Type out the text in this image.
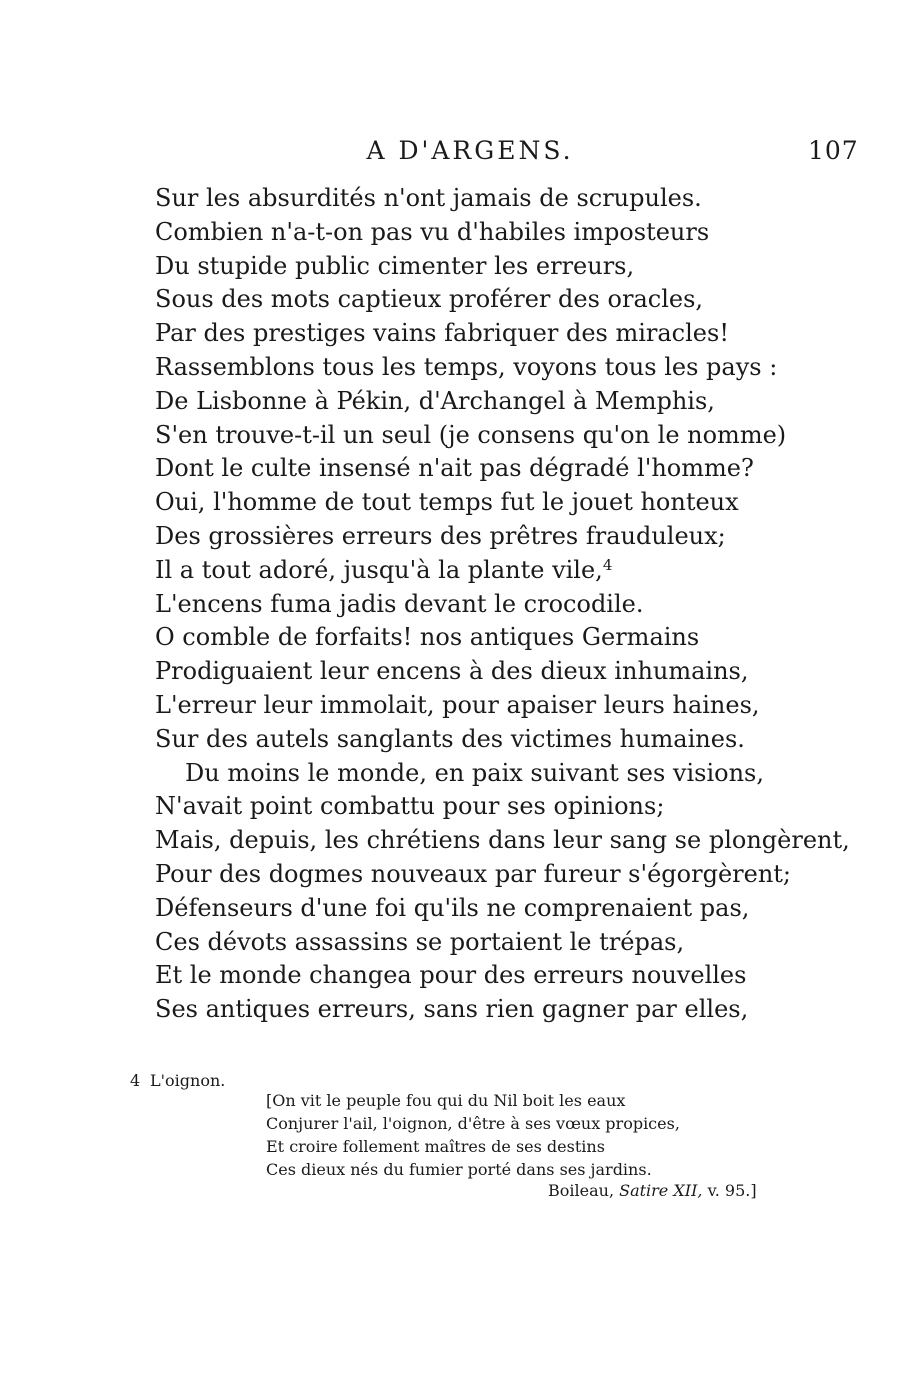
A D'ARGENS.	107
Sur les absurdités n'ont jamais de scrupules.
Combien n'a-t-on pas vu d'habiles imposteurs
Du stupide public cimenter les erreurs,
Sous des mots captieux proférer des oracles,
Par des prestiges vains fabriquer des miracles!
Rassemblons tous les temps, voyons tous les pays :
De Lisbonne à Pékin, d'Archangel à Memphis,
S'en trouve-t-il un seul (je consens qu'on le nomme)
Dont le culte insensé n'ait pas dégradé l'homme?
Oui, l'homme de tout temps fut le jouet honteux
Des grossières erreurs des prêtres frauduleux;
Il a tout adoré, jusqu'à la plante vile,$^4$
L'encens fuma jadis devant le crocodile.
O comble de forfaits! nos antiques Germains
Prodiguaient leur encens à des dieux inhumains,
L'erreur leur immolait, pour apaiser leurs haines,
Sur des autels sanglants des victimes humaines.
Du moins le monde, en paix suivant ses visions,
N'avait point combattu pour ses opinions;
Mais, depuis, les chrétiens dans leur sang se plongèrent,
Pour des dogmes nouveaux par fureur s'égorgèrent;
Défenseurs d'une foi qu'ils ne comprenaient pas,
Ces dévots assassins se portaient le trépas,
Et le monde changea pour des erreurs nouvelles
Ses antiques erreurs, sans rien gagner par elles,
4 L'oignon.
[On vit le peuple fou qui du Nil boit les eaux
Conjurer l'ail, l'oignon, d'être à ses vœux propices,
Et croire follement maîtres de ses destins
Ces dieux nés du fumier porté dans ses jardins.
Boileau, Satire XII, v. 95.]
